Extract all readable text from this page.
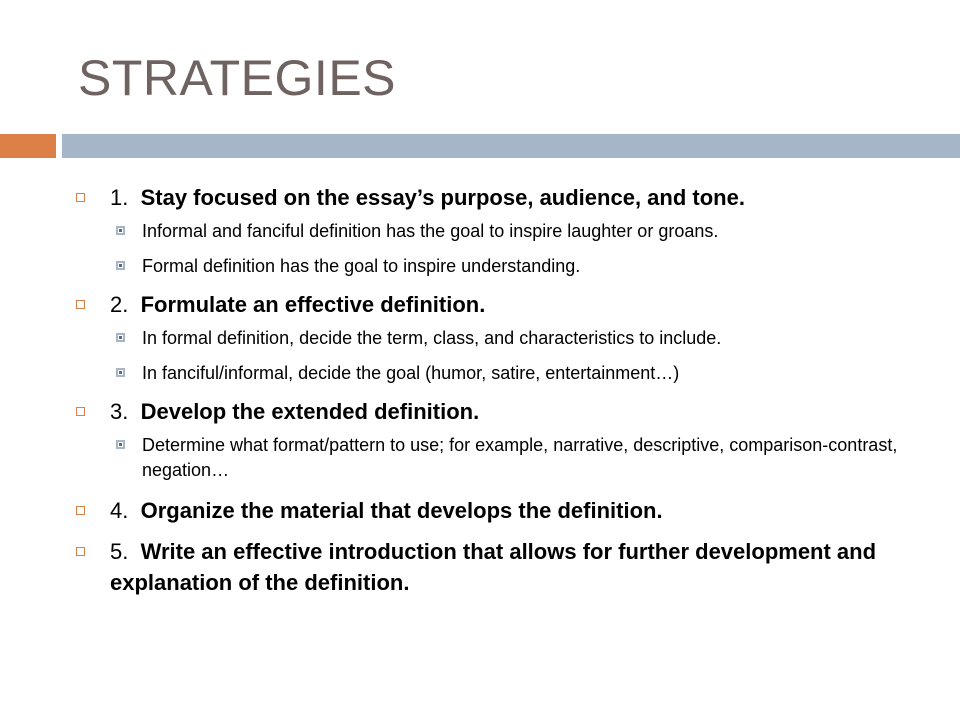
STRATEGIES
1. Stay focused on the essay’s purpose, audience, and tone.
Informal and fanciful definition has the goal to inspire laughter or groans.
Formal definition has the goal to inspire understanding.
2. Formulate an effective definition.
In formal definition, decide the term, class, and characteristics to include.
In fanciful/informal, decide the goal (humor, satire, entertainment…)
3. Develop the extended definition.
Determine what format/pattern to use; for example, narrative, descriptive, comparison-contrast, negation…
4. Organize the material that develops the definition.
5. Write an effective introduction that allows for further development and explanation of the definition.
